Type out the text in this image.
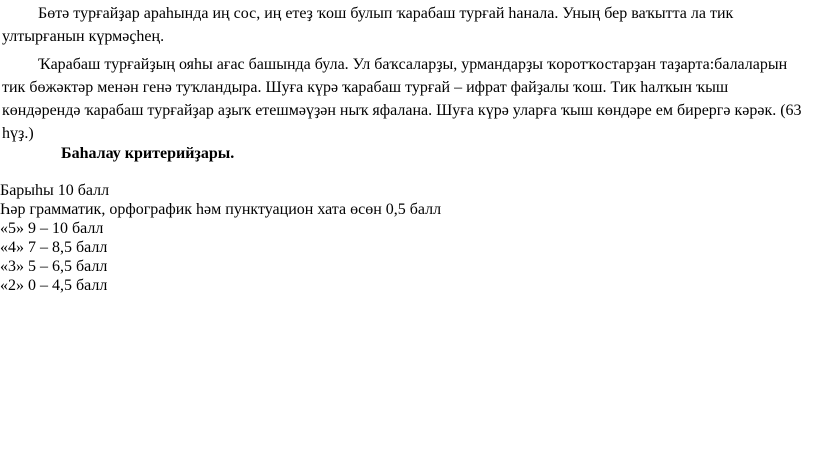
Бөтә турғайҙар араһында иң сос, иң етеҙ ҡош булып ҡарабаш турғай һанала. Уның бер ваҡытта ла тик ултырғанын күрмәҫһең.

Ҡарабаш турғайҙың ояһы ағас башында була. Ул баҡсаларҙы, урмандарҙы ҡоротҡостарҙан таҙарта:балаларын тик бөжәктәр менән генә туҡландыра. Шуға күрә ҡарабаш турғай – ифрат файҙалы ҡош. Тик һалҡын ҡыш көндәрендә ҡарабаш турғайҙар аҙыҡ етешмәүҙән ныҡ яфалана. Шуға күрә уларға ҡыш көндәре ем бирергә кәрәк. (63 һүҙ.)

Баһалау критерийҙары.

Барыһы 10 балл
Һәр грамматик, орфографик һәм пунктуацион хата өсөн 0,5 балл
«5» 9 – 10 балл
«4» 7 – 8,5 балл
«3» 5 – 6,5 балл
«2» 0 – 4,5 балл
